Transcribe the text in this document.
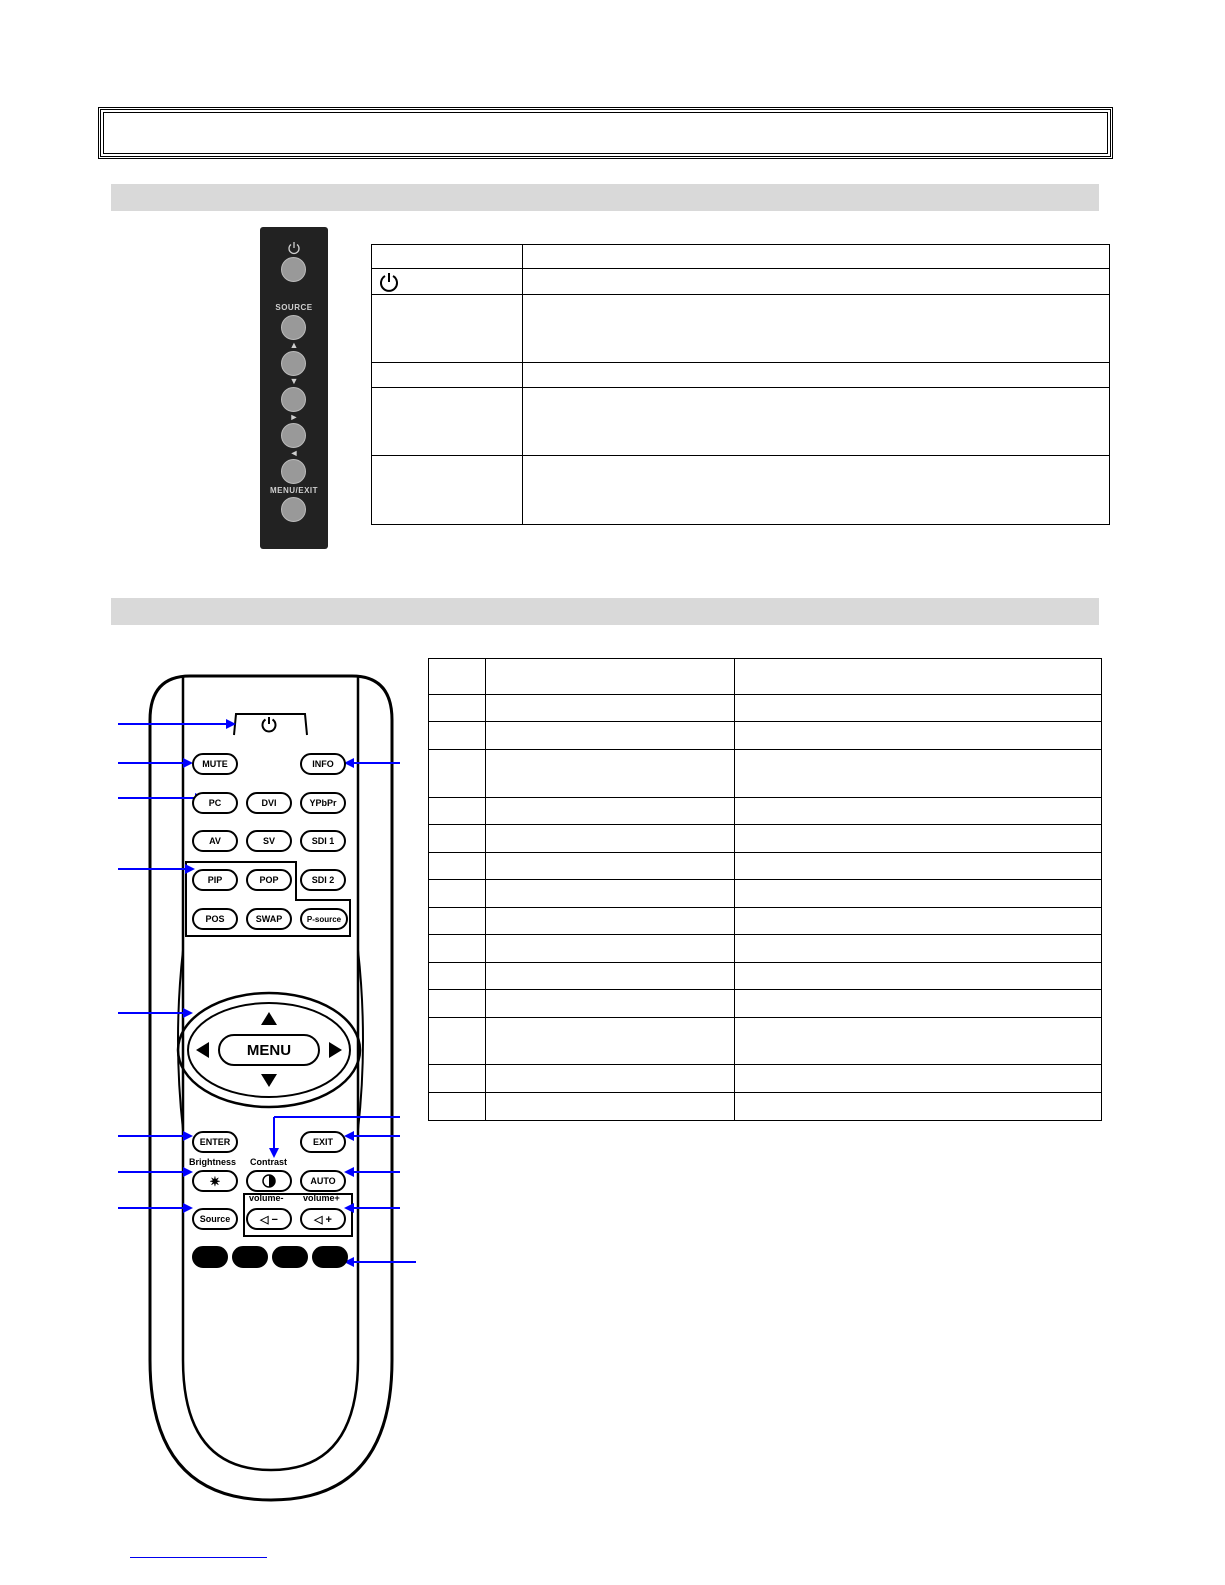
SOURCE
▲
▼
►
◄
MENU/EXIT

MUTE	INFO
PC	DVI	YPbPr
AV	SV	SDI 1
PIP	POP	SDI 2
POS	SWAP	P-source
MENU
ENTER	EXIT
Brightness Contrast
✷	AUTO
volume- volume+
Source	◁ −	◁ +
